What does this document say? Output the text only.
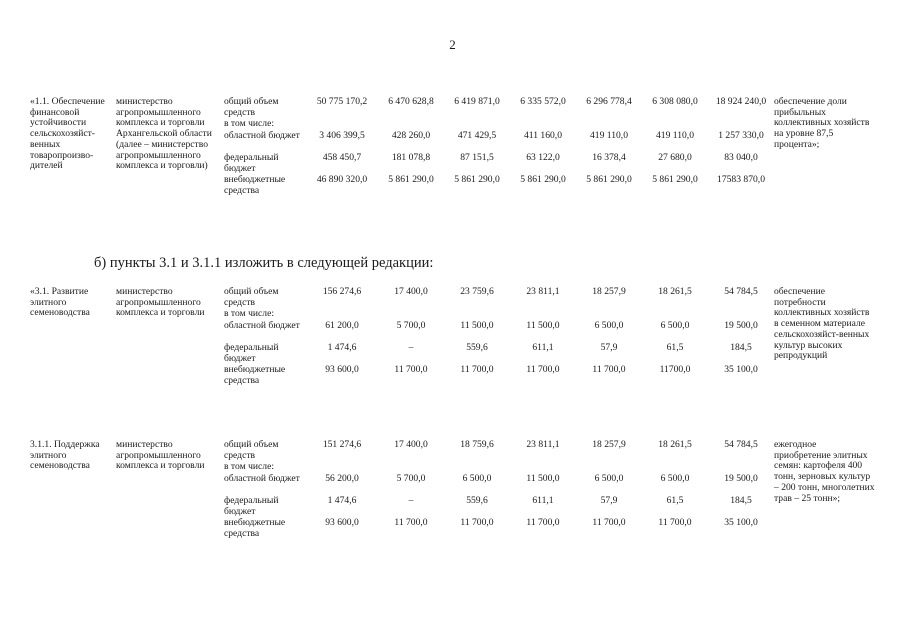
2
б) пункты 3.1 и 3.1.1 изложить в следующей редакции:
«1.1. Обеспечение финансовой устойчивости сельскохозяйст-венных товаропроизво-дителей	министерство агропромышленного комплекса и торговли Архангельской области (далее – министерство агропромышленного комплекса и торговли)	общий объем средств	50 775 170,2	6 470 628,8	6 419 871,0	6 335 572,0	6 296 778,4	6 308 080,0	18 924 240,0	обеспечение доли прибыльных коллективных хозяйств на уровне 87,5 процента»;
		в том числе:								
		областной бюджет	3 406 399,5	428 260,0	471 429,5	411 160,0	419 110,0	419 110,0	1 257 330,0	
		федеральный бюджет	458 450,7	181 078,8	87 151,5	63 122,0	16 378,4	27 680,0	83 040,0	
		внебюджетные средства	46 890 320,0	5 861 290,0	5 861 290,0	5 861 290,0	5 861 290,0	5 861 290,0	17583 870,0	
«3.1. Развитие элитного семеноводства	министерство агропромышленного комплекса и торговли	общий объем средств	156 274,6	17 400,0	23 759,6	23 811,1	18 257,9	18 261,5	54 784,5	обеспечение потребности коллективных хозяйств в семенном материале сельскохозяйст-венных культур высоких репродукций
		в том числе:								
		областной бюджет	61 200,0	5 700,0	11 500,0	11 500,0	6 500,0	6 500,0	19 500,0	
		федеральный бюджет	1 474,6	–	559,6	611,1	57,9	61,5	184,5	
		внебюджетные средства	93 600,0	11 700,0	11 700,0	11 700,0	11 700,0	11700,0	35 100,0	
3.1.1. Поддержка элитного семеноводства	министерство агропромышленного комплекса и торговли	общий объем средств	151 274,6	17 400,0	18 759,6	23 811,1	18 257,9	18 261,5	54 784,5	ежегодное приобретение элитных семян: картофеля 400 тонн, зерновых культур – 200 тонн, многолетних трав – 25 тонн»;
		в том числе:								
		областной бюджет	56 200,0	5 700,0	6 500,0	11 500,0	6 500,0	6 500,0	19 500,0	
		федеральный бюджет	1 474,6	–	559,6	611,1	57,9	61,5	184,5	
		внебюджетные средства	93 600,0	11 700,0	11 700,0	11 700,0	11 700,0	11 700,0	35 100,0	
